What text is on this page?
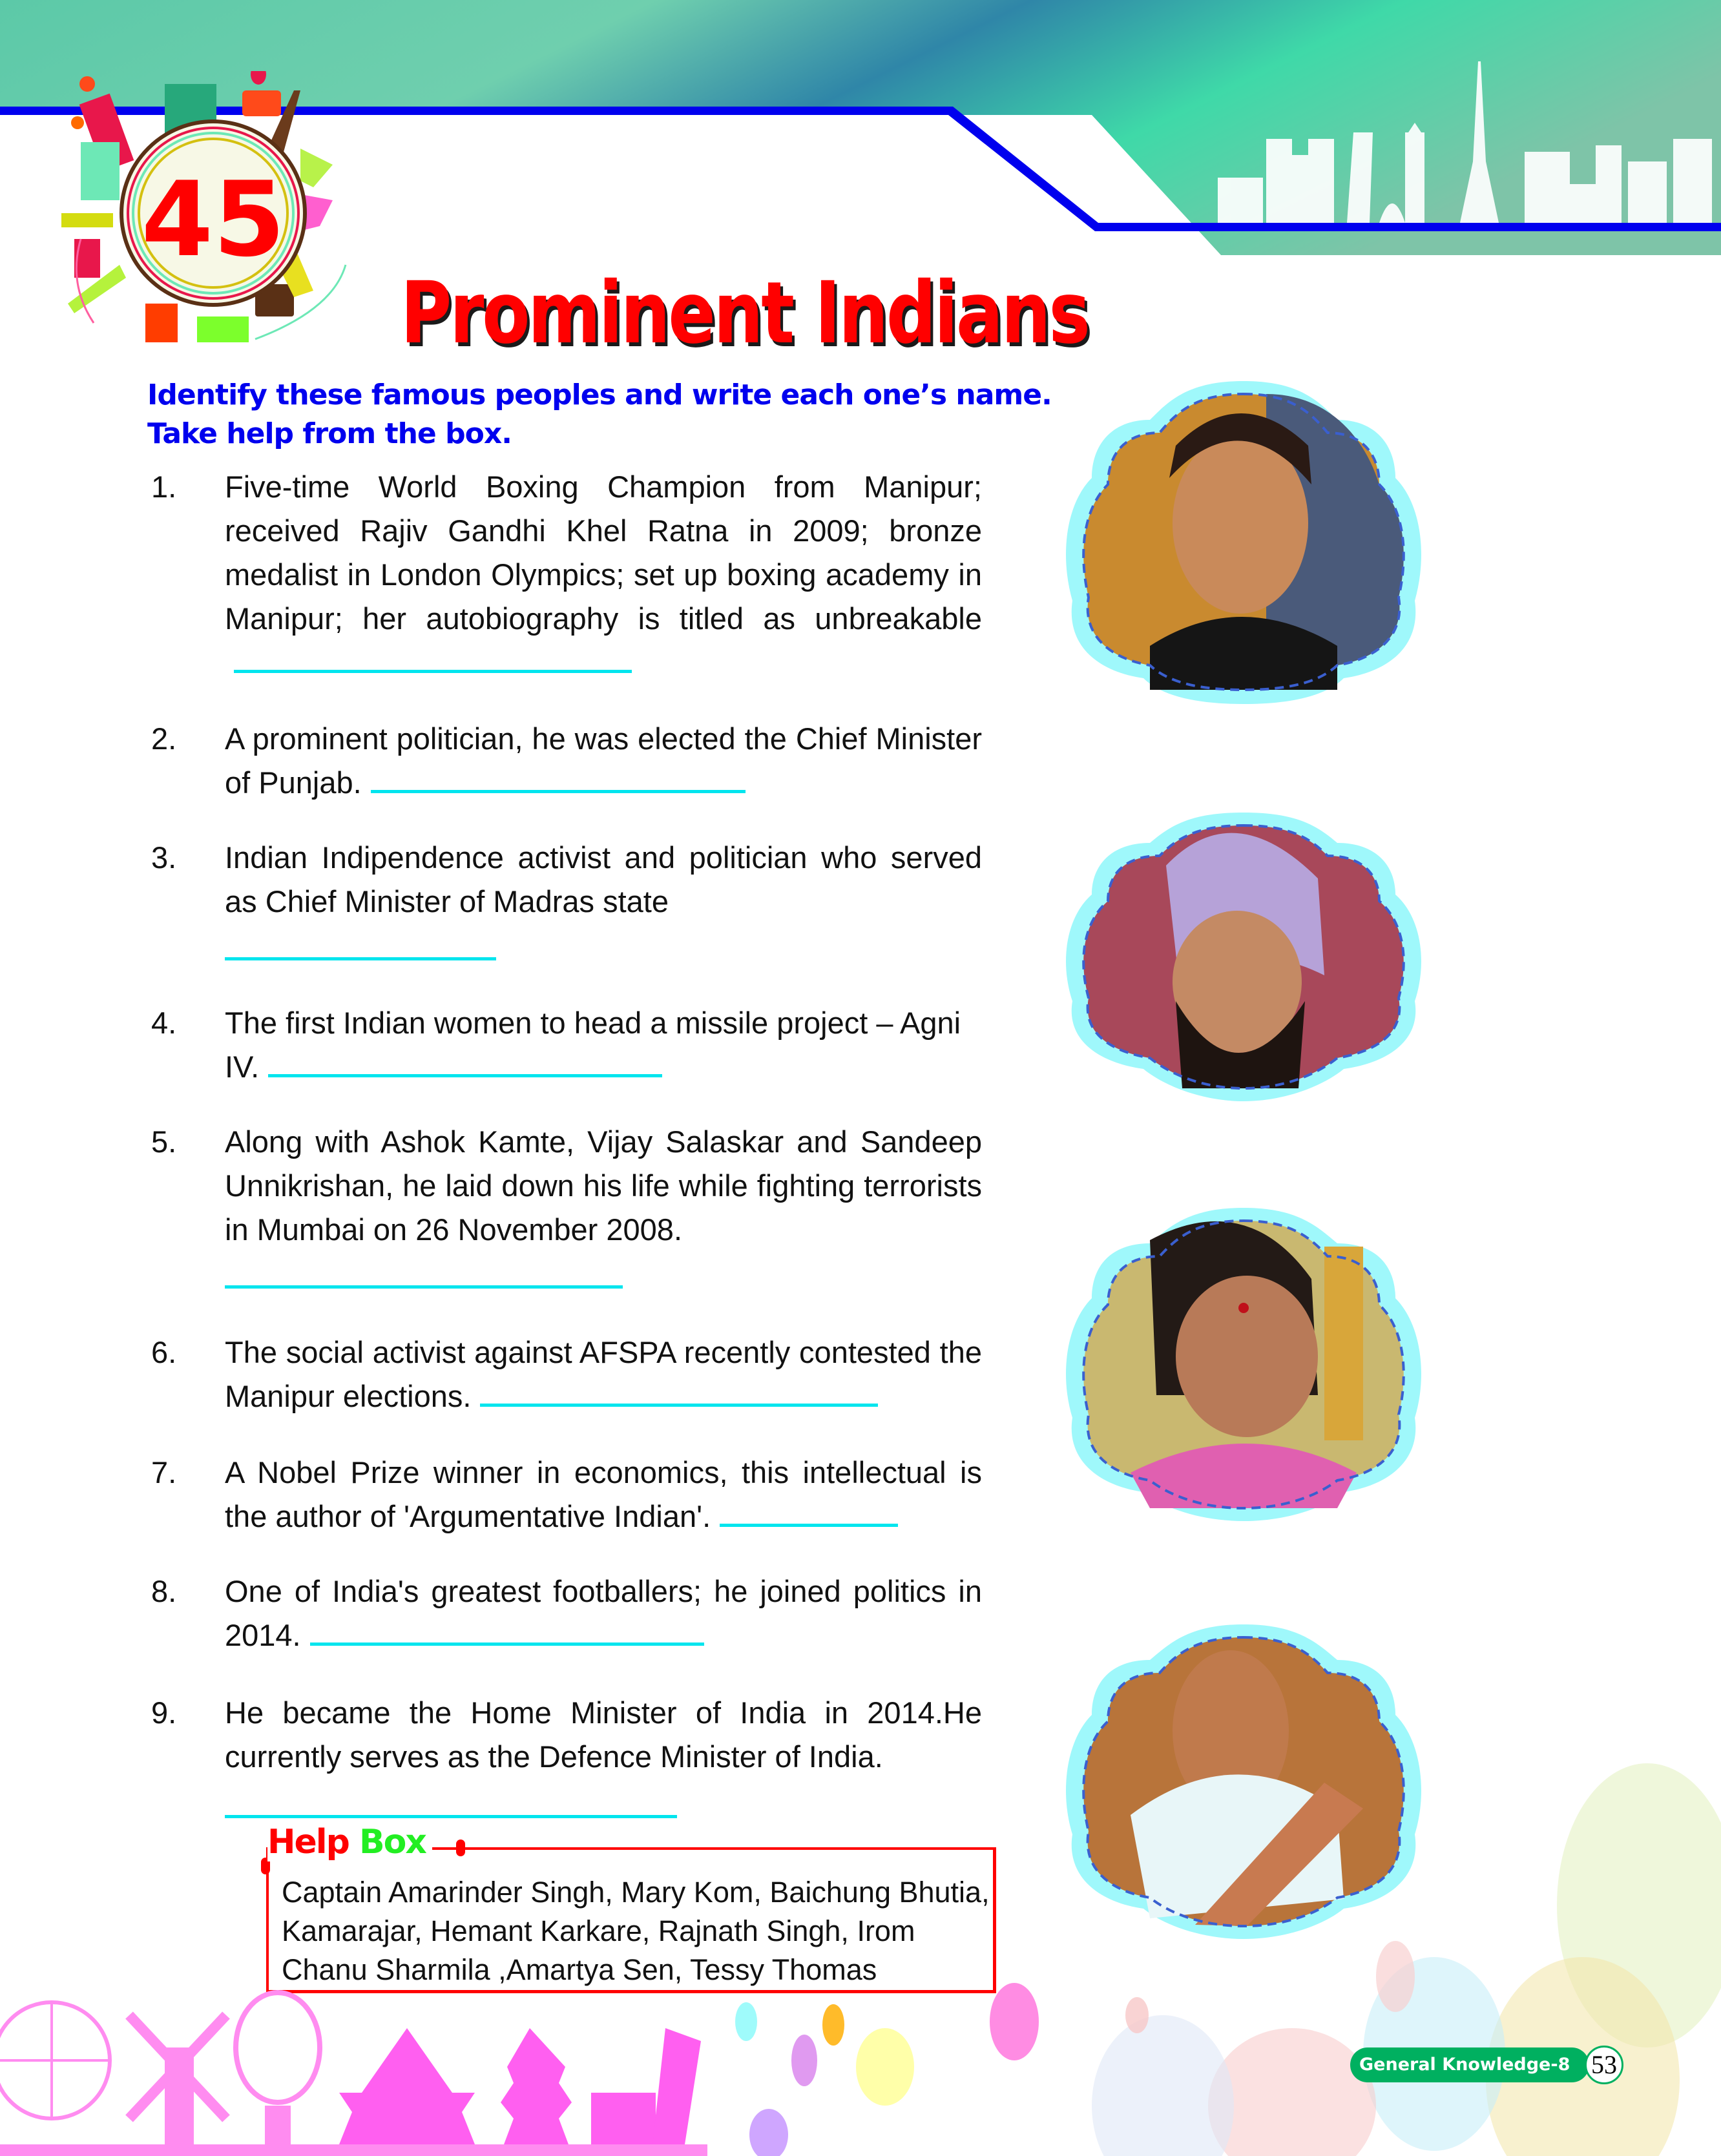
45
Prominent Indians
Identify these famous peoples and write each one’s name.
Take help from the box.
1. Five-time World Boxing Champion from Manipur; received Rajiv Gandhi Khel Ratna in 2009; bronze medalist in London Olympics; set up boxing academy in Manipur; her autobiography is titled as unbreakable
2. A prominent politician, he was elected the Chief Minister of Punjab.
3. Indian Indipendence activist and politician who served as Chief Minister of Madras state
4. The first Indian women to head a missile project – Agni IV.
5. Along with Ashok Kamte, Vijay Salaskar and Sandeep Unnikrishan, he laid down his life while fighting terrorists in Mumbai on 26 November 2008.
6. The social activist against AFSPA recently contested the Manipur elections.
7. A Nobel Prize winner in economics, this intellectual is the author of 'Argumentative Indian'.
8. One of India's greatest footballers; he joined politics in 2014.
9. He became the Home Minister of India in 2014.He currently serves as the Defence Minister of India.
Help Box
Captain Amarinder Singh, Mary Kom, Baichung Bhutia, Kamarajar, Hemant Karkare, Rajnath Singh, Irom Chanu Sharmila ,Amartya Sen, Tessy Thomas
General Knowledge-8 53
